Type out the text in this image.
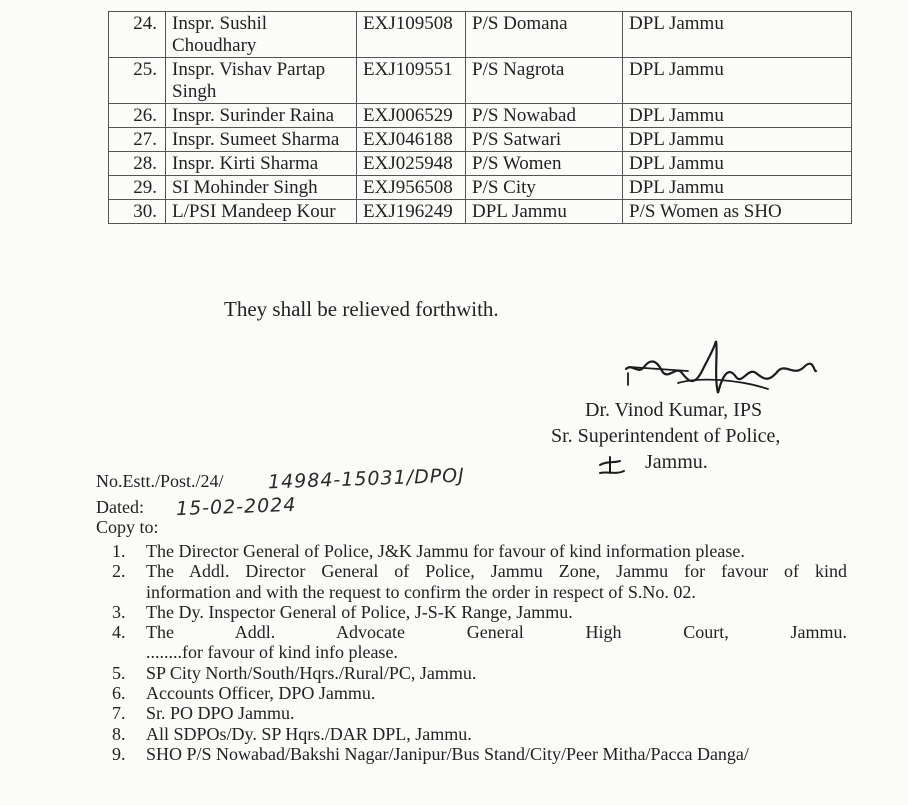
24.	Inspr. Sushil Choudhary	EXJ109508	P/S Domana	DPL Jammu
25.	Inspr. Vishav Partap Singh	EXJ109551	P/S Nagrota	DPL Jammu
26.	Inspr. Surinder Raina	EXJ006529	P/S Nowabad	DPL Jammu
27.	Inspr. Sumeet Sharma	EXJ046188	P/S Satwari	DPL Jammu
28.	Inspr. Kirti Sharma	EXJ025948	P/S Women	DPL Jammu
29.	SI Mohinder Singh	EXJ956508	P/S City	DPL Jammu
30.	L/PSI Mandeep Kour	EXJ196249	DPL Jammu	P/S Women as SHO
They shall be relieved forthwith.
Dr. Vinod Kumar, IPS
Sr. Superintendent of Police,
Jammu.
No.Estt./Post./24/ 14984-15031/DPOJ
Dated: 15-02-2024
Copy to:
1.	The Director General of Police, J&K Jammu for favour of kind information please.
2.	The Addl. Director General of Police, Jammu Zone, Jammu for favour of kind
information and with the request to confirm the order in respect of S.No. 02.
3.	The Dy. Inspector General of Police, J-S-K Range, Jammu.
4.	The Addl. Advocate General High Court, Jammu.
........for favour of kind info please.
5.	SP City North/South/Hqrs./Rural/PC, Jammu.
6.	Accounts Officer, DPO Jammu.
7.	Sr. PO DPO Jammu.
8.	All SDPOs/Dy. SP Hqrs./DAR DPL, Jammu.
9.	SHO P/S Nowabad/Bakshi Nagar/Janipur/Bus Stand/City/Peer Mitha/Pacca Danga/
